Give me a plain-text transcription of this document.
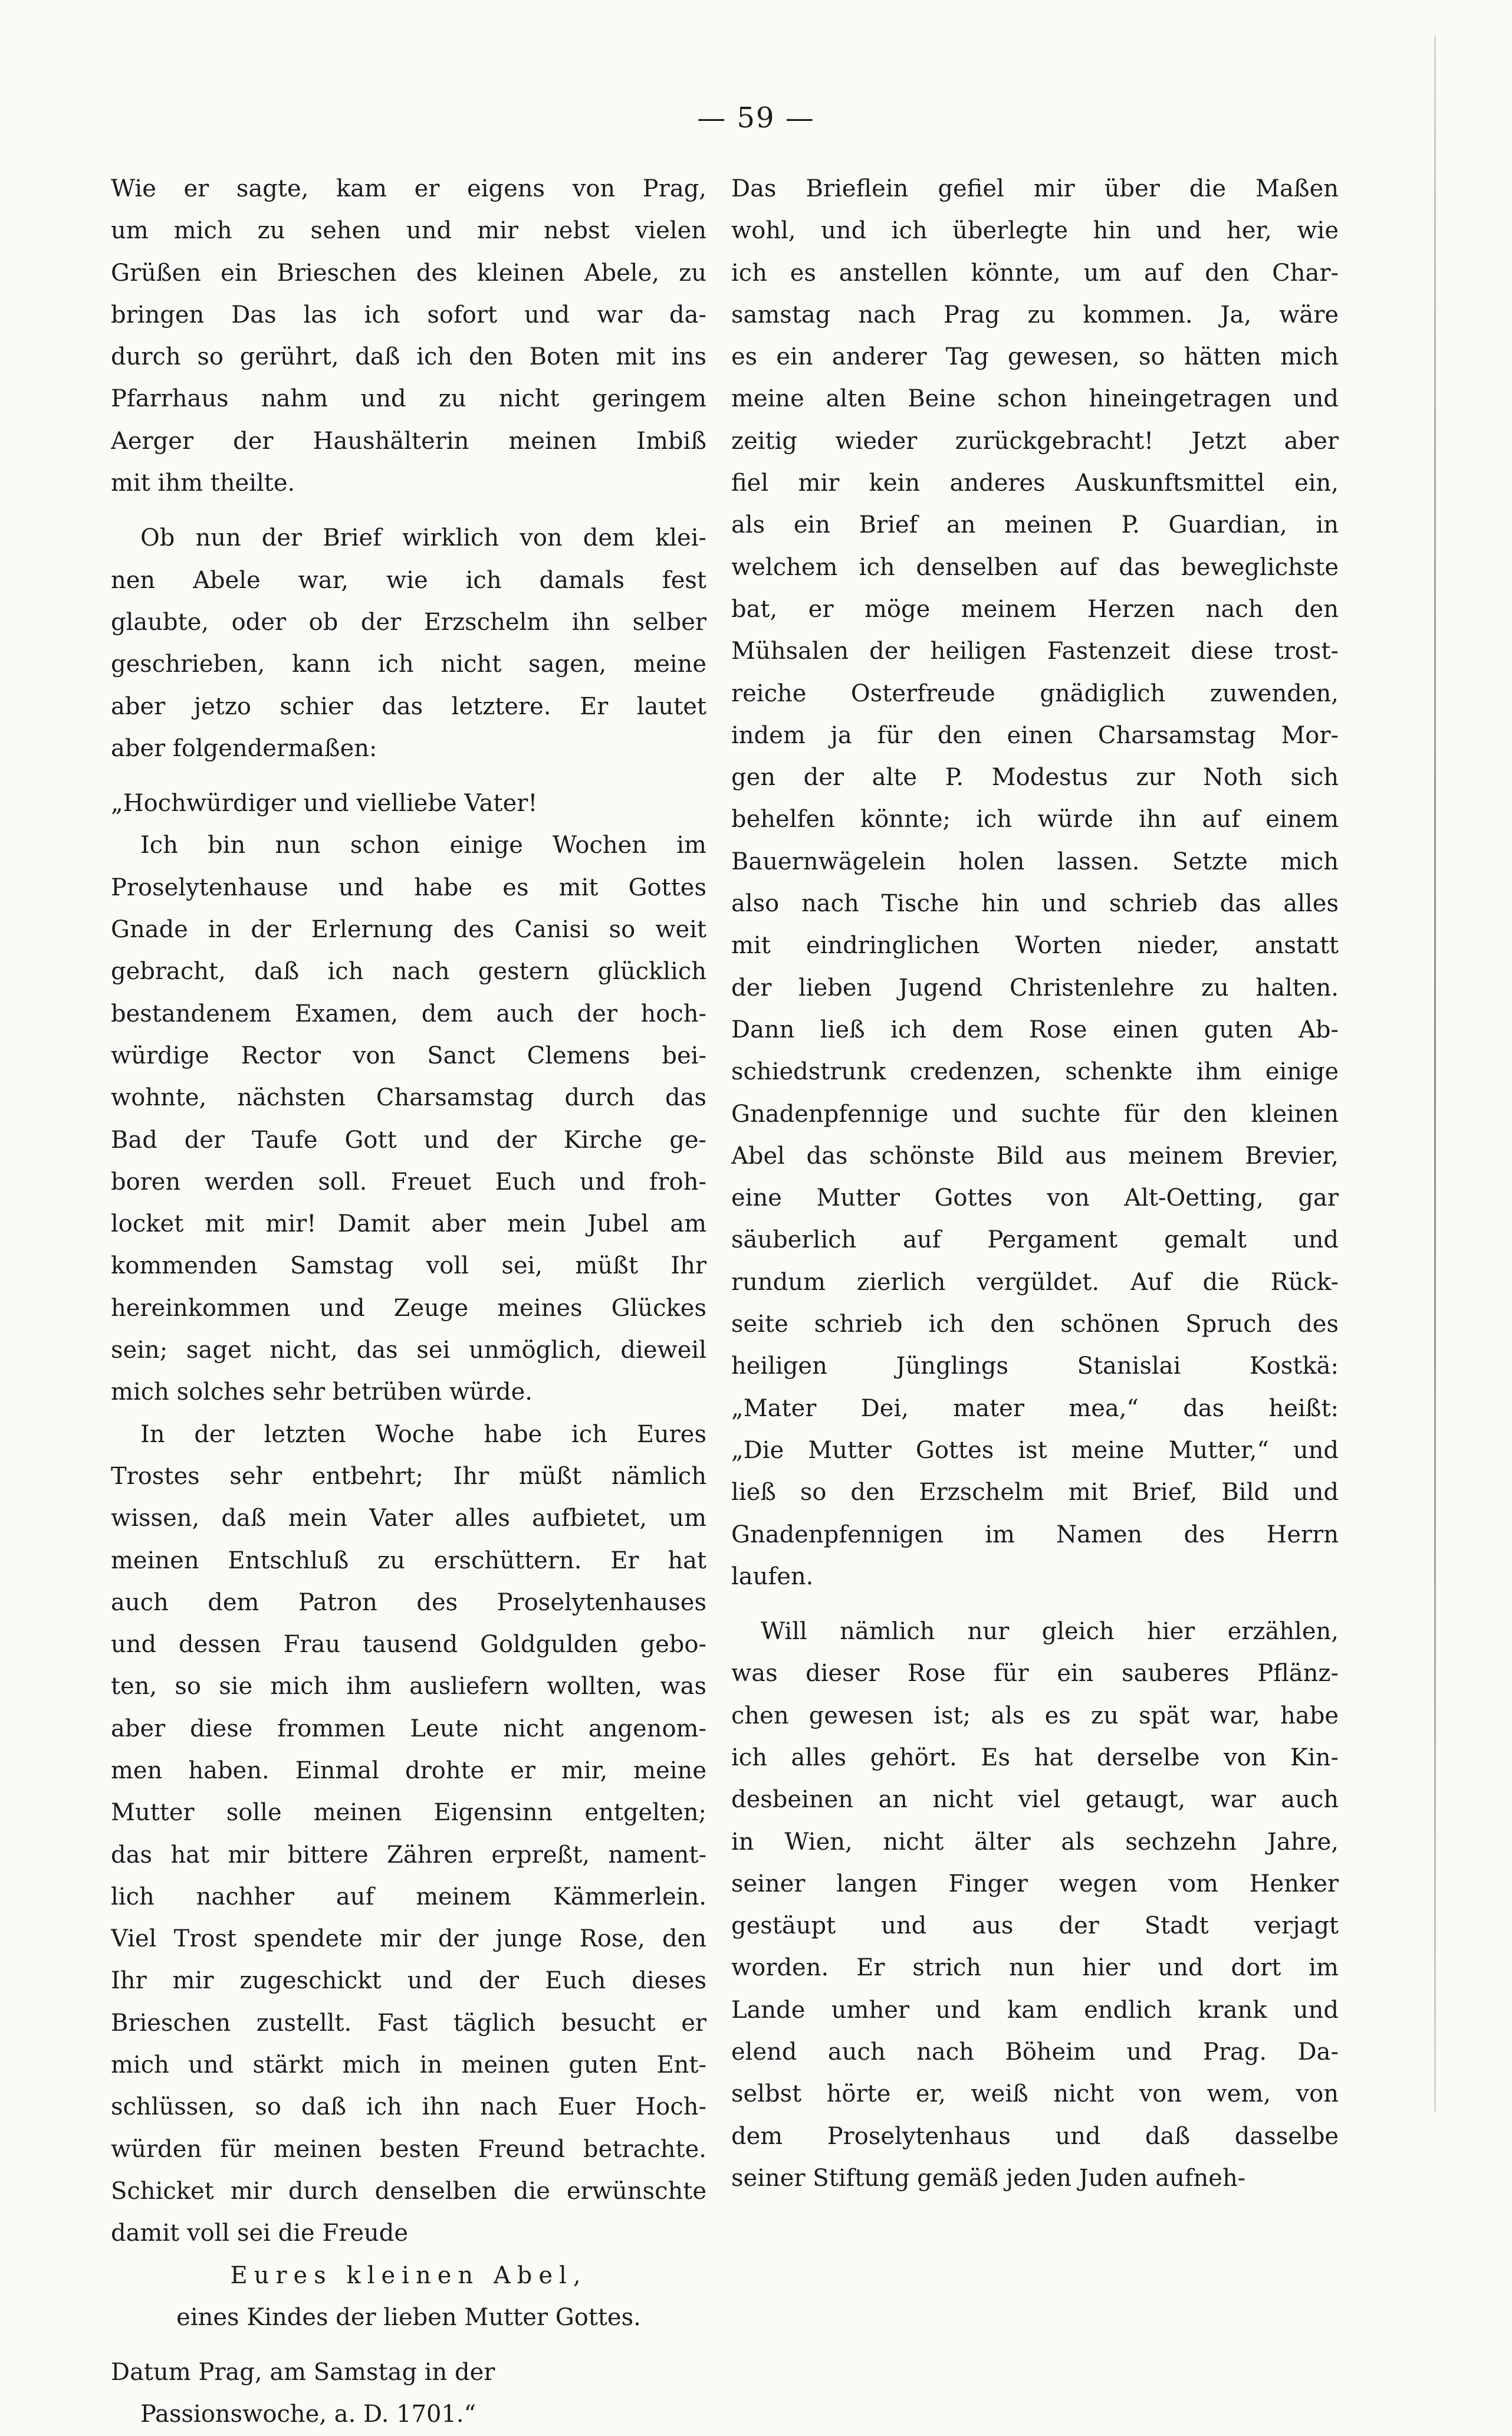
— 59 —
Wie er sagte, kam er eigens von Prag,
um mich zu sehen und mir nebst vielen
Grüßen ein Brieschen des kleinen Abele, zu
bringen Das las ich sofort und war da-
durch so gerührt, daß ich den Boten mit ins
Pfarrhaus nahm und zu nicht geringem
Aerger der Haushälterin meinen Imbiß
mit ihm theilte.
Ob nun der Brief wirklich von dem klei-
nen Abele war, wie ich damals fest
glaubte, oder ob der Erzschelm ihn selber
geschrieben, kann ich nicht sagen, meine
aber jetzo schier das letztere. Er lautet
aber folgendermaßen:
„Hochwürdiger und vielliebe Vater!
Ich bin nun schon einige Wochen im
Proselytenhause und habe es mit Gottes
Gnade in der Erlernung des Canisi so weit
gebracht, daß ich nach gestern glücklich
bestandenem Examen, dem auch der hoch-
würdige Rector von Sanct Clemens bei-
wohnte, nächsten Charsamstag durch das
Bad der Taufe Gott und der Kirche ge-
boren werden soll. Freuet Euch und froh-
locket mit mir! Damit aber mein Jubel am
kommenden Samstag voll sei, müßt Ihr
hereinkommen und Zeuge meines Glückes
sein; saget nicht, das sei unmöglich, dieweil
mich solches sehr betrüben würde.
In der letzten Woche habe ich Eures
Trostes sehr entbehrt; Ihr müßt nämlich
wissen, daß mein Vater alles aufbietet, um
meinen Entschluß zu erschüttern. Er hat
auch dem Patron des Proselytenhauses
und dessen Frau tausend Goldgulden gebo-
ten, so sie mich ihm ausliefern wollten, was
aber diese frommen Leute nicht angenom-
men haben. Einmal drohte er mir, meine
Mutter solle meinen Eigensinn entgelten;
das hat mir bittere Zähren erpreßt, nament-
lich nachher auf meinem Kämmerlein.
Viel Trost spendete mir der junge Rose, den
Ihr mir zugeschickt und der Euch dieses
Brieschen zustellt. Fast täglich besucht er
mich und stärkt mich in meinen guten Ent-
schlüssen, so daß ich ihn nach Euer Hoch-
würden für meinen besten Freund betrachte.
Schicket mir durch denselben die erwünschte
damit voll sei die Freude
Eures kleinen Abel,
eines Kindes der lieben Mutter Gottes.
Datum Prag, am Samstag in der
Passionswoche, a. D. 1701.“
Das Brieflein gefiel mir über die Maßen
wohl, und ich überlegte hin und her, wie
ich es anstellen könnte, um auf den Char-
samstag nach Prag zu kommen. Ja, wäre
es ein anderer Tag gewesen, so hätten mich
meine alten Beine schon hineingetragen und
zeitig wieder zurückgebracht! Jetzt aber
fiel mir kein anderes Auskunftsmittel ein,
als ein Brief an meinen P. Guardian, in
welchem ich denselben auf das beweglichste
bat, er möge meinem Herzen nach den
Mühsalen der heiligen Fastenzeit diese trost-
reiche Osterfreude gnädiglich zuwenden,
indem ja für den einen Charsamstag Mor-
gen der alte P. Modestus zur Noth sich
behelfen könnte; ich würde ihn auf einem
Bauernwägelein holen lassen. Setzte mich
also nach Tische hin und schrieb das alles
mit eindringlichen Worten nieder, anstatt
der lieben Jugend Christenlehre zu halten.
Dann ließ ich dem Rose einen guten Ab-
schiedstrunk credenzen, schenkte ihm einige
Gnadenpfennige und suchte für den kleinen
Abel das schönste Bild aus meinem Brevier,
eine Mutter Gottes von Alt-Oetting, gar
säuberlich auf Pergament gemalt und
rundum zierlich vergüldet. Auf die Rück-
seite schrieb ich den schönen Spruch des
heiligen Jünglings Stanislai Kostkä:
„Mater Dei, mater mea,“ das heißt:
„Die Mutter Gottes ist meine Mutter,“ und
ließ so den Erzschelm mit Brief, Bild und
Gnadenpfennigen im Namen des Herrn
laufen.
Will nämlich nur gleich hier erzählen,
was dieser Rose für ein sauberes Pflänz-
chen gewesen ist; als es zu spät war, habe
ich alles gehört. Es hat derselbe von Kin-
desbeinen an nicht viel getaugt, war auch
in Wien, nicht älter als sechzehn Jahre,
seiner langen Finger wegen vom Henker
gestäupt und aus der Stadt verjagt
worden. Er strich nun hier und dort im
Lande umher und kam endlich krank und
elend auch nach Böheim und Prag. Da-
selbst hörte er, weiß nicht von wem, von
dem Proselytenhaus und daß dasselbe
seiner Stiftung gemäß jeden Juden aufneh-
